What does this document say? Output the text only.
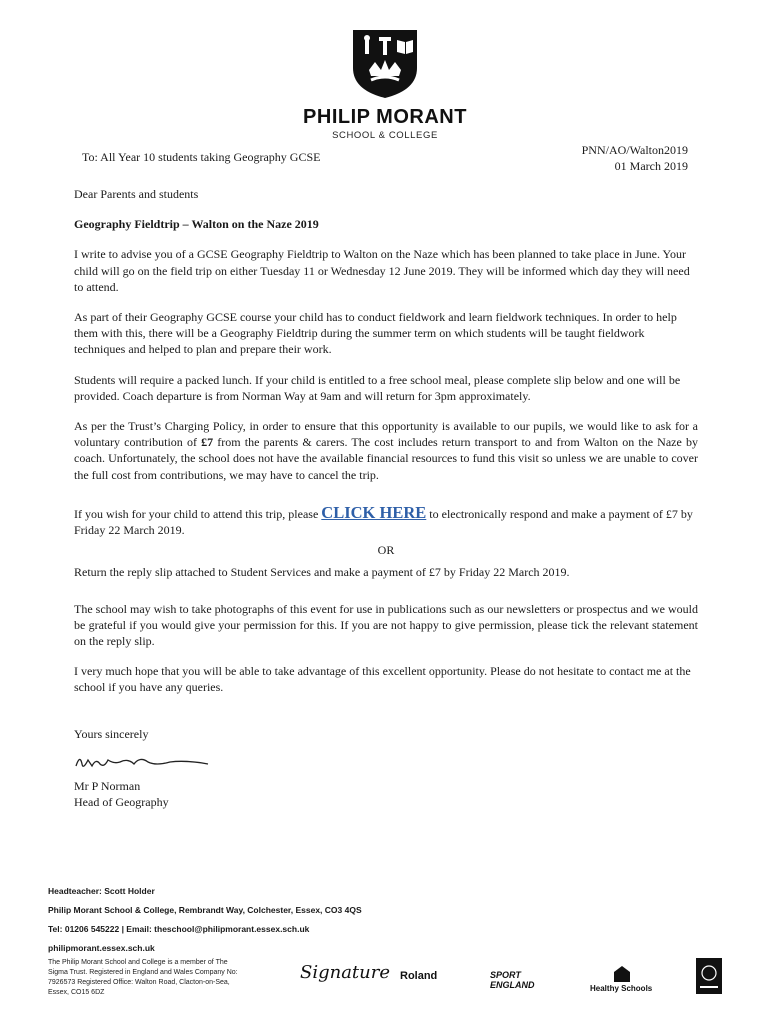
PHILIP MORANT
SCHOOL & COLLEGE
To: All Year 10 students taking Geography GCSE	PNN/AO/Walton2019
01 March 2019

Dear Parents and students

Geography Fieldtrip – Walton on the Naze 2019

I write to advise you of a GCSE Geography Fieldtrip to Walton on the Naze which has been planned to take place in June. Your child will go on the field trip on either Tuesday 11 or Wednesday 12 June 2019. They will be informed which day they will need to attend.

As part of their Geography GCSE course your child has to conduct fieldwork and learn fieldwork techniques. In order to help them with this, there will be a Geography Fieldtrip during the summer term on which students will be taught fieldwork techniques and helped to plan and prepare their work.

Students will require a packed lunch. If your child is entitled to a free school meal, please complete slip below and one will be provided. Coach departure is from Norman Way at 9am and will return for 3pm approximately.

As per the Trust’s Charging Policy, in order to ensure that this opportunity is available to our pupils, we would like to ask for a voluntary contribution of £7 from the parents & carers. The cost includes return transport to and from Walton on the Naze by coach. Unfortunately, the school does not have the available financial resources to fund this visit so unless we are unable to cover the full cost from contributions, we may have to cancel the trip.

If you wish for your child to attend this trip, please CLICK HERE to electronically respond and make a payment of £7 by Friday 22 March 2019.

OR

Return the reply slip attached to Student Services and make a payment of £7 by Friday 22 March 2019.

The school may wish to take photographs of this event for use in publications such as our newsletters or prospectus and we would be grateful if you would give your permission for this. If you are not happy to give permission, please tick the relevant statement on the reply slip.

I very much hope that you will be able to take advantage of this excellent opportunity. Please do not hesitate to contact me at the school if you have any queries.

Yours sincerely

Mr P Norman
Head of Geography
Headteacher: Scott Holder
Philip Morant School & College, Rembrandt Way, Colchester, Essex, CO3 4QS
Tel: 01206 545222 | Email: theschool@philipmorant.essex.sch.uk
philipmorant.essex.sch.uk
The Philip Morant School and College is a member of The Sigma Trust. Registered in England and Wales Company No: 7926573 Registered Office: Walton Road, Clacton-on-Sea, Essex, CO15 6DZ
Signature Roland	SPORT ENGLAND	Healthy Schools
